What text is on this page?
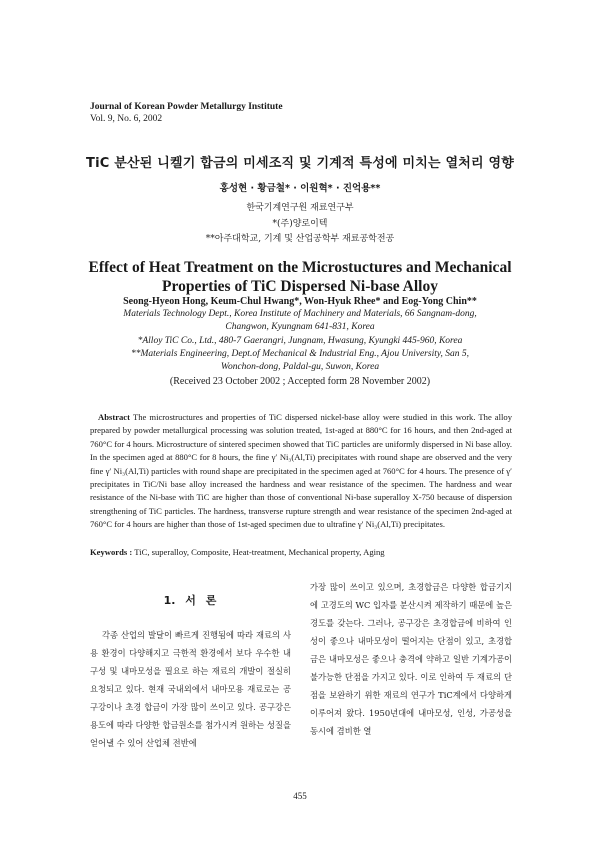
Journal of Korean Powder Metallurgy Institute
Vol. 9, No. 6, 2002
TiC 분산된 니켈기 합금의 미세조직 및 기계적 특성에 미치는 열처리 영향
홍성현 · 황금철* · 이원혁* · 진억용**
한국기계연구원 재료연구부
*(주)양로이텍
**아주대학교, 기계 및 산업공학부 재료공학전공
Effect of Heat Treatment on the Microstuctures and Mechanical
Properties of TiC Dispersed Ni-base Alloy
Seong-Hyeon Hong, Keum-Chul Hwang*, Won-Hyuk Rhee* and Eog-Yong Chin**
Materials Technology Dept., Korea Institute of Machinery and Materials, 66 Sangnam-dong,
Changwon, Kyungnam 641-831, Korea
*Alloy TiC Co., Ltd., 480-7 Gaerangri, Jungnam, Hwasung, Kyungki 445-960, Korea
**Materials Engineering, Dept.of Mechanical & Industrial Eng., Ajou University, San 5,
Wonchon-dong, Paldal-gu, Suwon, Korea
(Received 23 October 2002 ; Accepted form 28 November 2002)
Abstract The microstructures and properties of TiC dispersed nickel-base alloy were studied in this work. The alloy prepared by powder metallurgical processing was solution treated, 1st-aged at 880°C for 16 hours, and then 2nd-aged at 760°C for 4 hours. Microstructure of sintered specimen showed that TiC particles are uniformly dispersed in Ni base alloy. In the specimen aged at 880°C for 8 hours, the fine γ′ Ni₃(Al,Ti) precipitates with round shape are observed and the very fine γ′ Ni₃(Al,Ti) particles with round shape are precipitated in the specimen aged at 760°C for 4 hours. The presence of γ′ precipitates in TiC/Ni base alloy increased the hardness and wear resistance of the specimen. The hardness and wear resistance of the Ni-base with TiC are higher than those of conventional Ni-base superalloy X-750 because of dispersion strengthening of TiC particles. The hardness, transverse rupture strength and wear resistance of the specimen 2nd-aged at 760°C for 4 hours are higher than those of 1st-aged specimen due to ultrafine γ′ Ni₃(Al,Ti) precipitates.
Keywords : TiC, superalloy, Composite, Heat-treatment, Mechanical property, Aging
1. 서 론
각종 산업의 발달이 빠르게 진행됨에 따라 재료의 사용 환경이 다양해지고 극한적 환경에서 보다 우수한 내구성 및 내마모성을 필요로 하는 재료의 개발이 절실히 요청되고 있다. 현재 국내외에서 내마모용 재료로는 공구강이나 초경 합금이 가장 많이 쓰이고 있다. 공구강은 용도에 따라 다양한 합금원소를 첨가시켜 원하는 성질을 얻어낼 수 있어 산업체 전반에
가장 많이 쓰이고 있으며, 초경합금은 다양한 합금기지에 고경도의 WC 입자를 분산시켜 제작하기 때문에 높은 경도를 갖는다. 그러나, 공구강은 초경합금에 비하여 인성이 좋으나 내마모성이 떨어지는 단점이 있고, 초경합금은 내마모성은 좋으나 충격에 약하고 일반 기계가공이 불가능한 단점을 가지고 있다. 이로 인하여 두 재료의 단점을 보완하기 위한 재료의 연구가 TiC계에서 다양하게 이루어져 왔다. 1950년대에 내마모성, 인성, 가공성을 동시에 겸비한 열
455
